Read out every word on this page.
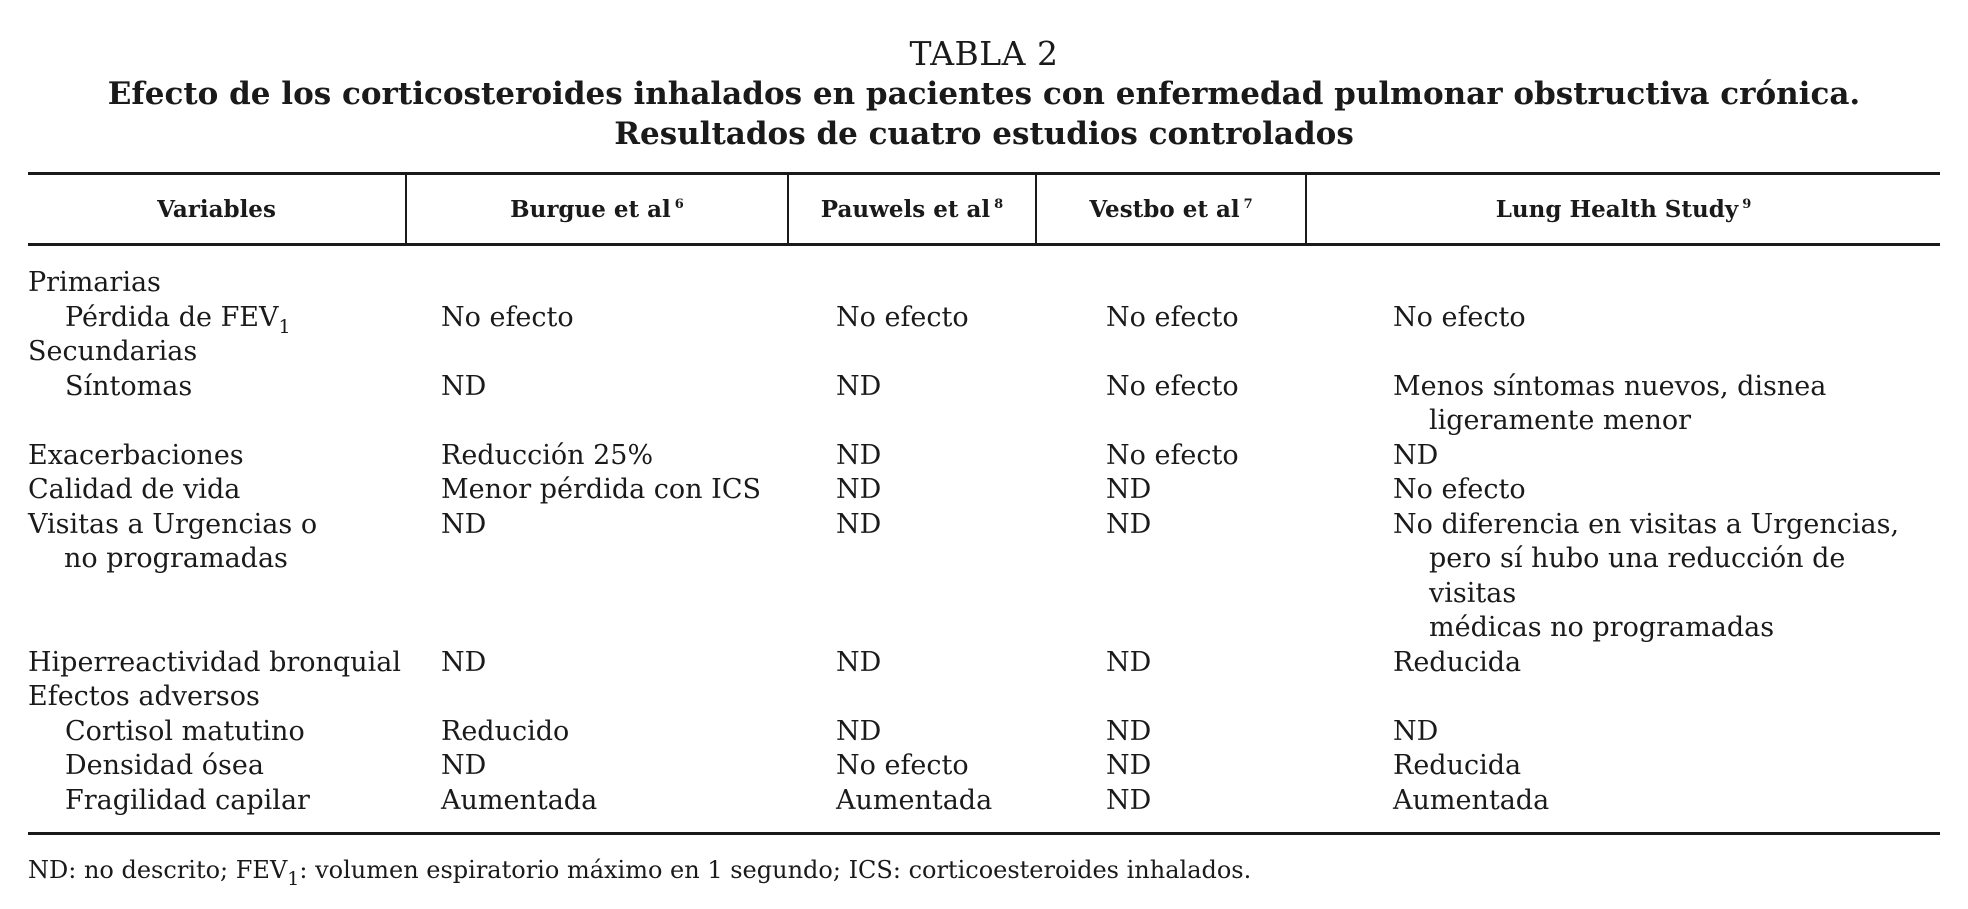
TABLA 2

Efecto de los corticosteroides inhalados en pacientes con enfermedad pulmonar obstructiva crónica.
Resultados de cuatro estudios controlados

Variables	Burgue et al $^6$	Pauwels et al $^8$	Vestbo et al $^7$	Lung Health Study $^9$
Primarias				
Pérdida de $FEV_1$	No efecto	No efecto	No efecto	No efecto
Secundarias				
Síntomas	ND	ND	No efecto	Menos síntomas nuevos, disnea
ligeramente menor

Exacerbaciones	Reducción 25%	ND	No efecto	ND
Calidad de vida	Menor pérdida con ICS	ND	ND	No efecto
Visitas a Urgencias o
no programadas	ND	ND	ND	No diferencia en visitas a Urgencias,
pero sí hubo una reducción de visitas
médicas no programadas

Hiperreactividad bronquial	ND	ND	ND	Reducida
Efectos adversos				
Cortisol matutino	Reducido	ND	ND	ND
Densidad ósea	ND	No efecto	ND	Reducida
Fragilidad capilar	Aumentada	Aumentada	ND	Aumentada

ND: no descrito; $FEV_1$: volumen espiratorio máximo en 1 segundo; ICS: corticoesteroides inhalados.
